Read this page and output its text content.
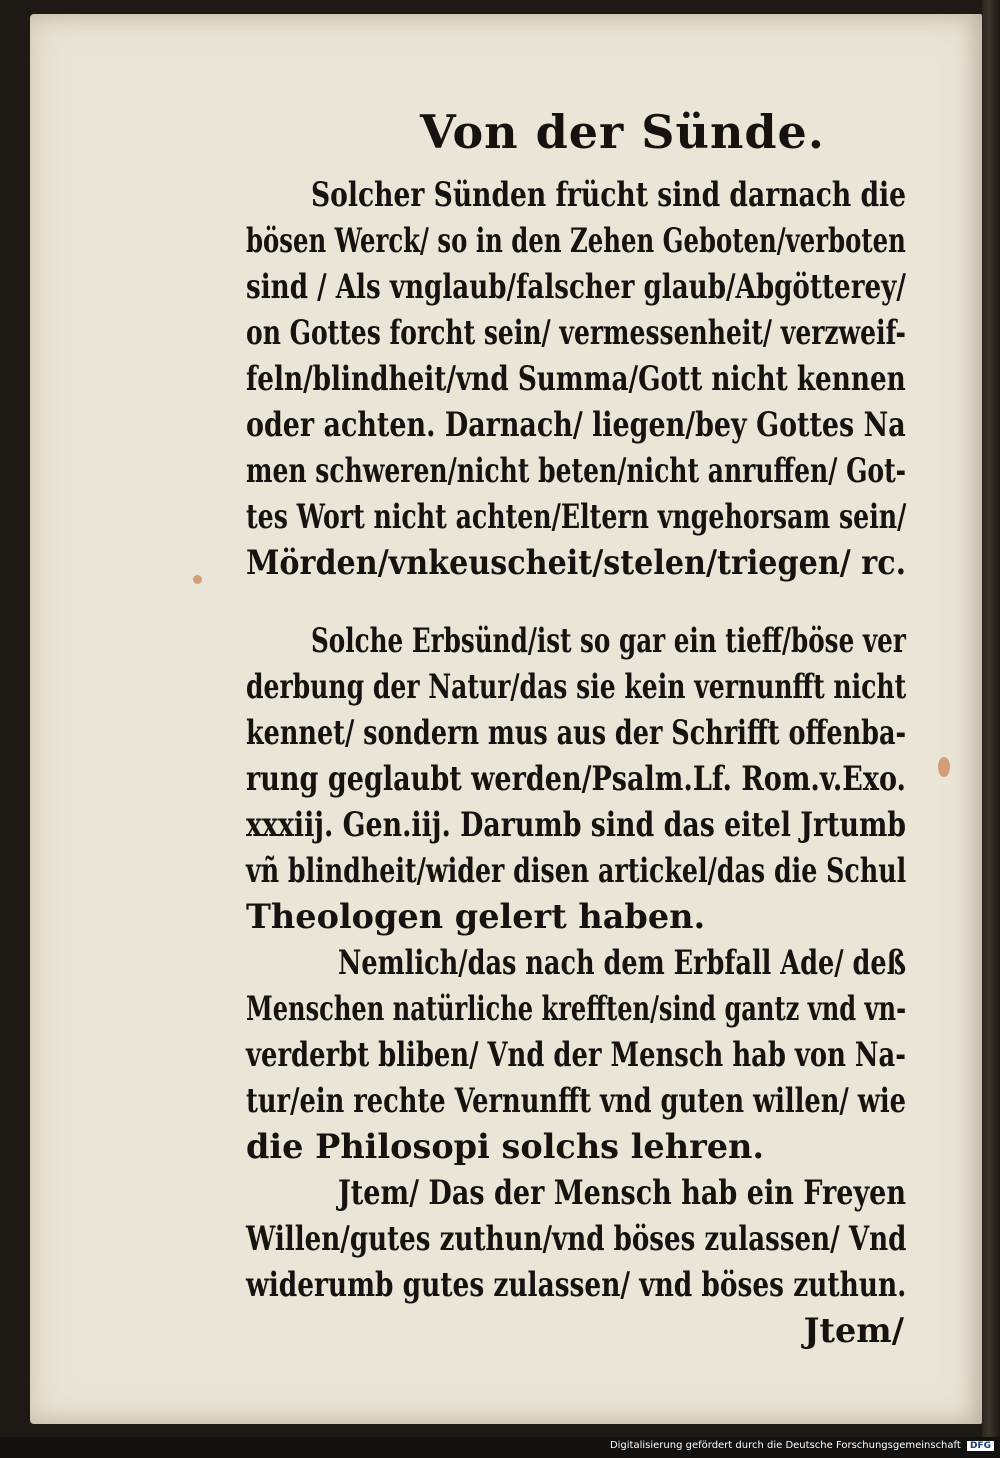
Von der Sünde.
Solcher Sünden frücht sind darnach die
bösen Werck/ so in den Zehen Geboten/verboten
sind / Als vnglaub/falscher glaub/Abgötterey/
on Gottes forcht sein/ vermessenheit/ verzweif-
feln/blindheit/vnd Summa/Gott nicht kennen
oder achten. Darnach/ liegen/bey Gottes Na
men schweren/nicht beten/nicht anruffen/ Got-
tes Wort nicht achten/Eltern vngehorsam sein/
Mörden/vnkeuscheit/stelen/triegen/ rc.
Solche Erbsünd/ist so gar ein tieff/böse ver
derbung der Natur/das sie kein vernunfft nicht
kennet/ sondern mus aus der Schrifft offenba-
rung geglaubt werden/Psalm.Lf. Rom.v.Exo.
xxxiij. Gen.iij. Darumb sind das eitel Jrtumb
vñ blindheit/wider disen artickel/das die Schul
Theologen gelert haben.
Nemlich/das nach dem Erbfall Ade/ deß
Menschen natürliche krefften/sind gantz vnd vn-
verderbt bliben/ Vnd der Mensch hab von Na-
tur/ein rechte Vernunfft vnd guten willen/ wie
die Philosopi solchs lehren.
Jtem/ Das der Mensch hab ein Freyen
Willen/gutes zuthun/vnd böses zulassen/ Vnd
widerumb gutes zulassen/ vnd böses zuthun.
Jtem/
Digitalisierung gefördert durch die Deutsche Forschungsgemeinschaft DFG
